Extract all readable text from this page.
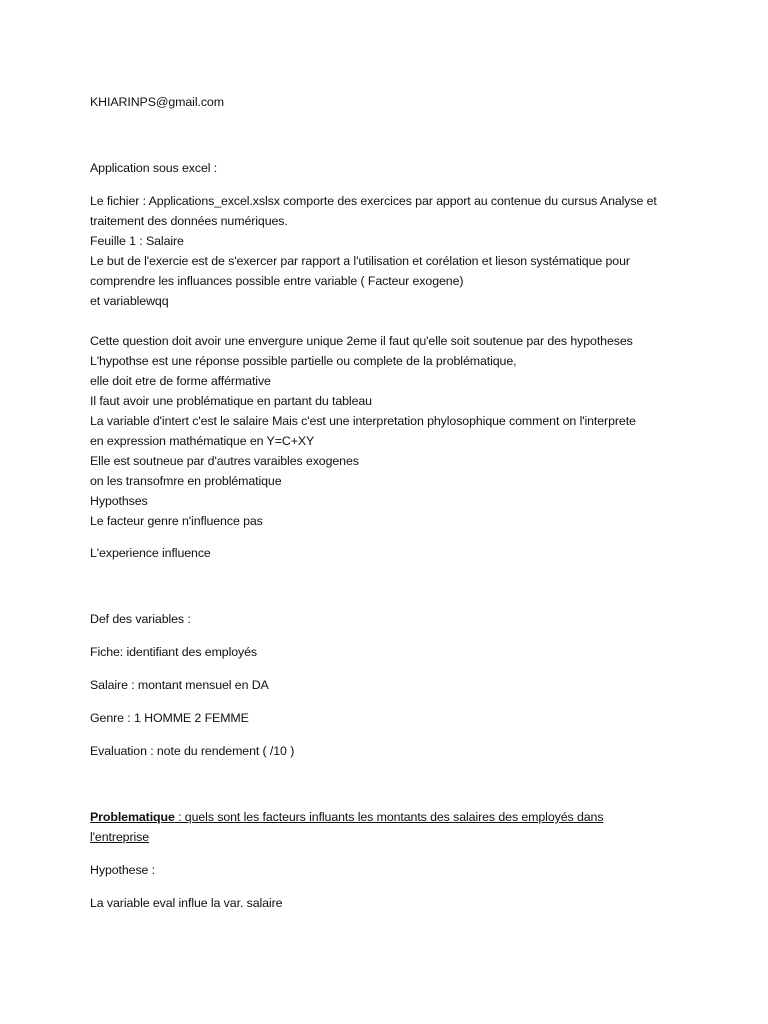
KHIARINPS@gmail.com
Application sous excel :
Le fichier : Applications_excel.xslsx comporte des exercices par apport au contenue du cursus Analyse et
traitement des données numériques.
Feuille 1 : Salaire
Le but de l'exercie est de s'exercer par rapport a l'utilisation et corélation et lieson systématique pour
comprendre les influances possible entre variable ( Facteur exogene)
et variablewqq
Cette question doit avoir une envergure unique 2eme il faut qu'elle soit soutenue par des hypotheses
L'hypothse est une réponse possible partielle ou complete de la problématique,
elle doit etre de forme afférmative
Il faut avoir une problématique en partant du tableau
La variable d'intert c'est le salaire Mais c'est une interpretation phylosophique comment on l'interprete
en expression mathématique en Y=C+XY
Elle est soutneue par d'autres varaibles exogenes
on les transofmre en problématique
Hypothses
Le facteur genre n'influence pas
L'experience influence
Def des variables :
Fiche: identifiant des employés
Salaire : montant mensuel en DA
Genre : 1 HOMME 2 FEMME
Evaluation : note du rendement ( /10 )
Problematique : quels sont les facteurs influants les montants des salaires des employés dans
l'entreprise
Hypothese :
La variable eval influe la var. salaire
